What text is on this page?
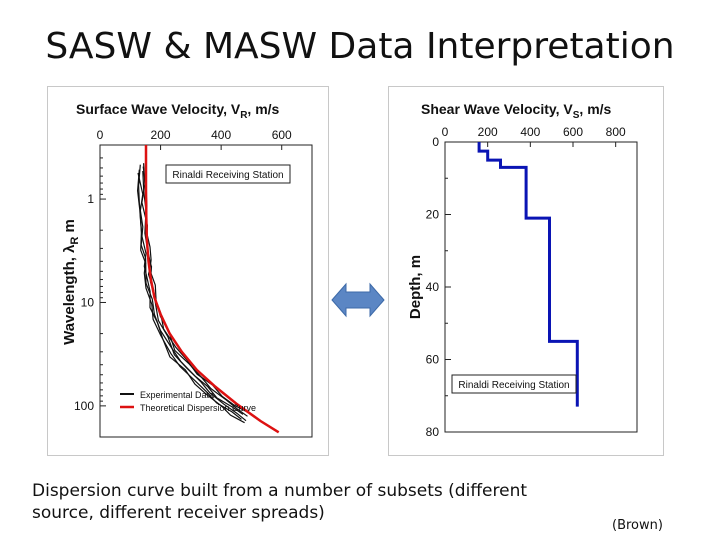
SASW & MASW Data Interpretation
Surface Wave Velocity, $V_R$, m/s
0	200	400	600
1
10
100
Rinaldi Receiving Station
Experimental Data
Theoretical Dispersion Curve
Wavelength, $\lambda_R$ m
Shear Wave Velocity, $V_S$, m/s
0 200 400 600 800
0
20
40
60
80
Rinaldi Receiving Station
Depth, m
Dispersion curve built from a number of subsets (different source, different receiver spreads)
(Brown)
